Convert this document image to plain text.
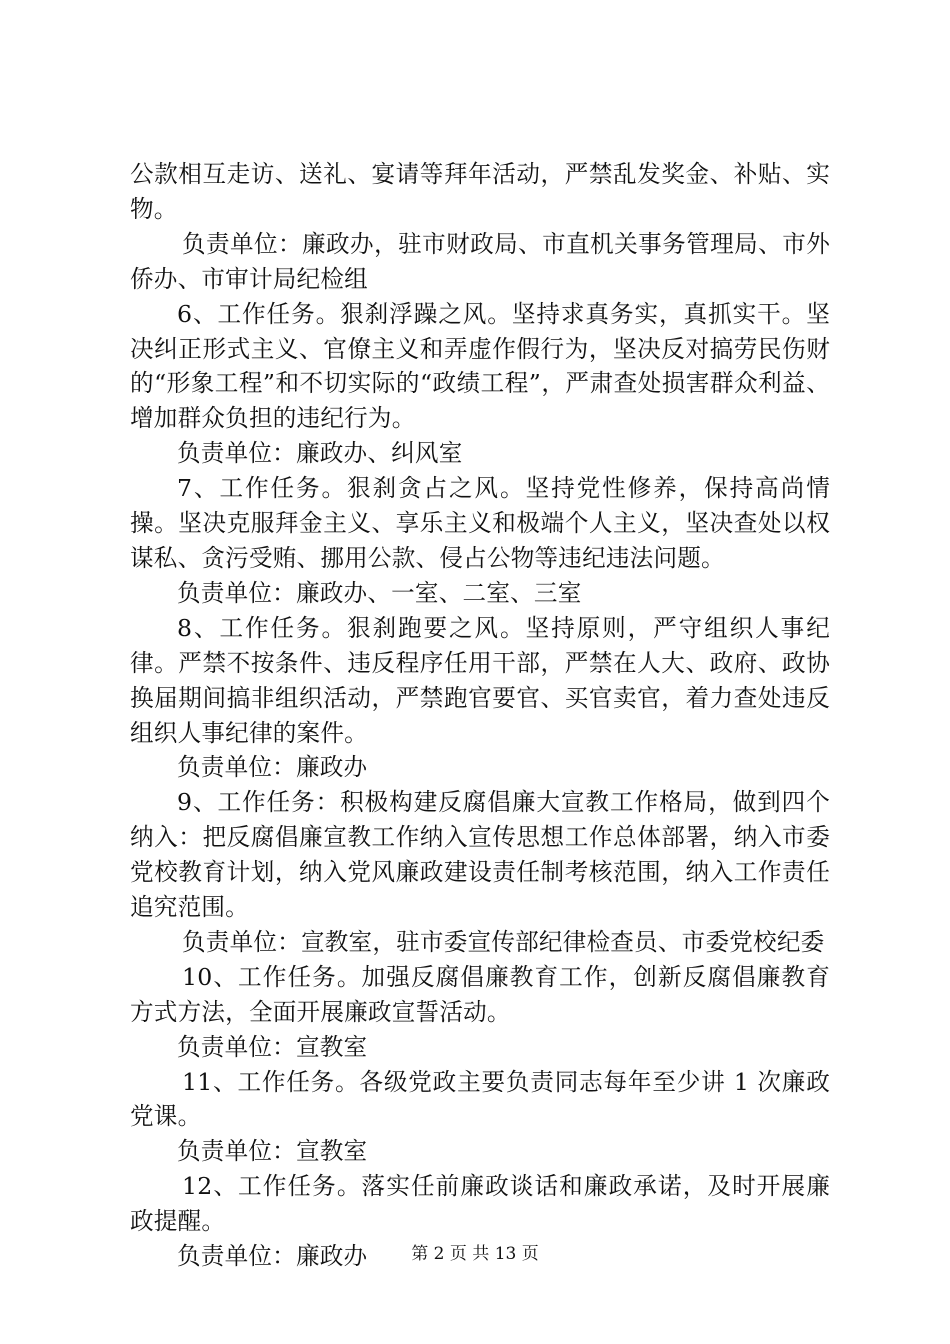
公款相互走访、送礼、宴请等拜年活动，严禁乱发奖金、补贴、实物。

负责单位：廉政办，驻市财政局、市直机关事务管理局、市外侨办、市审计局纪检组

6、工作任务。狠刹浮躁之风。坚持求真务实，真抓实干。坚决纠正形式主义、官僚主义和弄虚作假行为，坚决反对搞劳民伤财的“形象工程”和不切实际的“政绩工程”，严肃查处损害群众利益、增加群众负担的违纪行为。

负责单位：廉政办、纠风室

7、工作任务。狠刹贪占之风。坚持党性修养，保持高尚情操。坚决克服拜金主义、享乐主义和极端个人主义，坚决查处以权谋私、贪污受贿、挪用公款、侵占公物等违纪违法问题。

负责单位：廉政办、一室、二室、三室

8、工作任务。狠刹跑要之风。坚持原则，严守组织人事纪律。严禁不按条件、违反程序任用干部，严禁在人大、政府、政协换届期间搞非组织活动，严禁跑官要官、买官卖官，着力查处违反组织人事纪律的案件。

负责单位：廉政办

9、工作任务：积极构建反腐倡廉大宣教工作格局，做到四个纳入：把反腐倡廉宣教工作纳入宣传思想工作总体部署，纳入市委党校教育计划，纳入党风廉政建设责任制考核范围，纳入工作责任追究范围。

负责单位：宣教室，驻市委宣传部纪律检查员、市委党校纪委

10、工作任务。加强反腐倡廉教育工作，创新反腐倡廉教育方式方法，全面开展廉政宣誓活动。

负责单位：宣教室

11、工作任务。各级党政主要负责同志每年至少讲 1 次廉政党课。

负责单位：宣教室

12、工作任务。落实任前廉政谈话和廉政承诺，及时开展廉政提醒。

负责单位：廉政办	第 2 页 共 13 页
